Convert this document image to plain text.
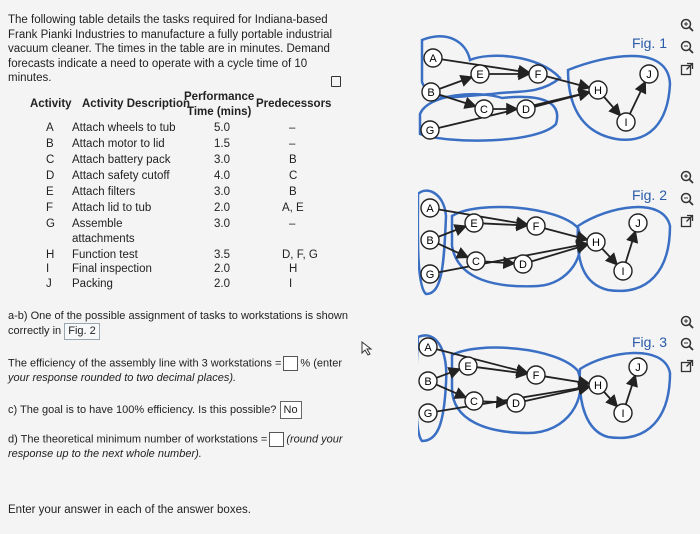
The following table details the tasks required for Indiana-based Frank Pianki Industries to manufacture a fully portable industrial vacuum cleaner. The times in the table are in minutes. Demand forecasts indicate a need to operate with a cycle time of 10 minutes.
Activity Activity Description
Performance
Time (mins)
Predecessors
A Attach wheels to tub	5.0	–
B Attach motor to lid	1.5	–
C Attach battery pack	3.0	B
D Attach safety cutoff	4.0	C
E Attach filters	3.0	B
F Attach lid to tub	2.0	A, E
G Assemble	3.0	–
attachments
H Function test	3.5	D, F, G
I Final inspection	2.0	H
J Packing	2.0	I
a-b) One of the possible assignment of tasks to workstations is shown correctly in Fig. 2
The efficiency of the assembly line with 3 workstations = % (enter
your response rounded to two decimal places).
c) The goal is to have 100% efficiency. Is this possible? No
d) The theoretical minimum number of workstations = (round your
response up to the next whole number).
Enter your answer in each of the answer boxes.
A
B
G
E	F
C	D
H
J
I
Fig. 1
A
B
G
E	F
C	D
H
J
I
Fig. 2
A
B
G
E
F
C	D
H
J
I
Fig. 3
